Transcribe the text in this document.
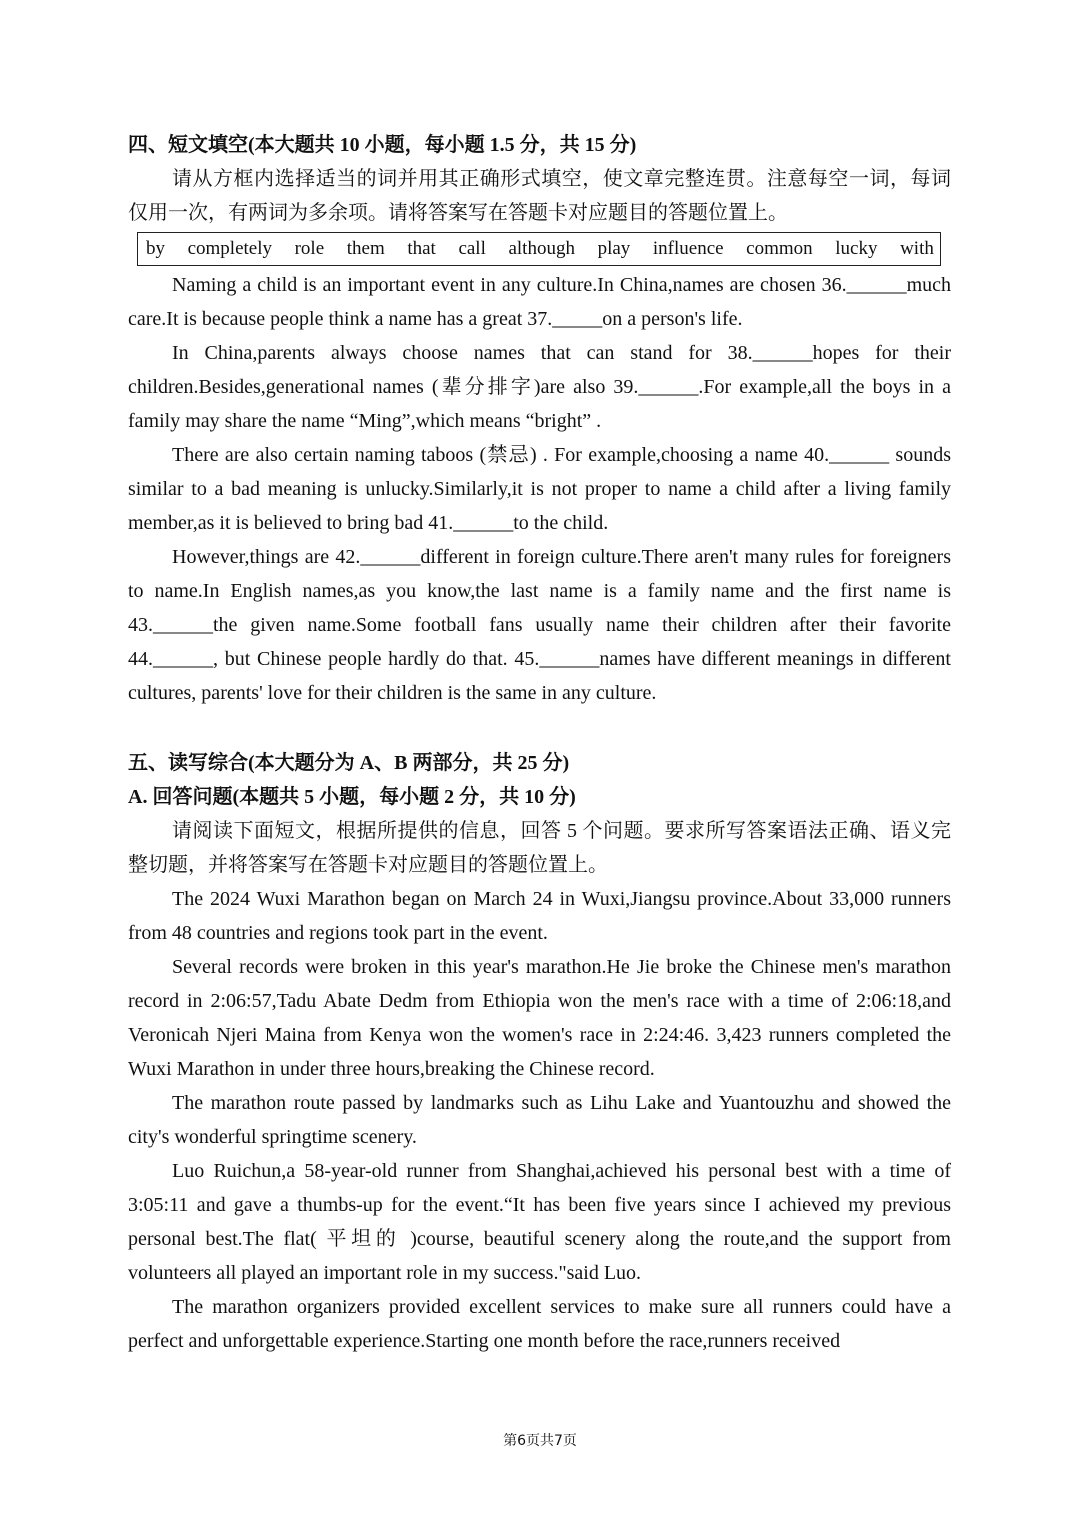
四、短文填空(本大题共 10 小题，每小题 1.5 分，共 15 分)

请从方框内选择适当的词并用其正确形式填空，使文章完整连贯。注意每空一词，每词仅用一次，有两词为多余项。请将答案写在答题卡对应题目的答题位置上。

by completely role them that call although play influence common lucky with

Naming a child is an important event in any culture.In China,names are chosen 36.______much care.It is because people think a name has a great 37._____on a person's life.

In China,parents always choose names that can stand for 38.______hopes for their children.Besides,generational names (辈分排字)are also 39.______.For example,all the boys in a family may share the name “Ming”,which means “bright” .

There are also certain naming taboos (禁忌) . For example,choosing a name 40.______ sounds similar to a bad meaning is unlucky.Similarly,it is not proper to name a child after a living family member,as it is believed to bring bad 41.______to the child.

However,things are 42.______different in foreign culture.There aren't many rules for foreigners to name.In English names,as you know,the last name is a family name and the first name is 43.______the given name.Some football fans usually name their children after their favorite 44.______, but Chinese people hardly do that. 45.______names have different meanings in different cultures, parents' love for their children is the same in any culture.

五、读写综合(本大题分为 A、B 两部分，共 25 分)

A. 回答问题(本题共 5 小题，每小题 2 分，共 10 分)

请阅读下面短文，根据所提供的信息，回答 5 个问题。要求所写答案语法正确、语义完整切题，并将答案写在答题卡对应题目的答题位置上。

The 2024 Wuxi Marathon began on March 24 in Wuxi,Jiangsu province.About 33,000 runners from 48 countries and regions took part in the event.

Several records were broken in this year's marathon.He Jie broke the Chinese men's marathon record in 2:06:57,Tadu Abate Dedm from Ethiopia won the men's race with a time of 2:06:18,and Veronicah Njeri Maina from Kenya won the women's race in 2:24:46. 3,423 runners completed the Wuxi Marathon in under three hours,breaking the Chinese record.

The marathon route passed by landmarks such as Lihu Lake and Yuantouzhu and showed the city's wonderful springtime scenery.

Luo Ruichun,a 58-year-old runner from Shanghai,achieved his personal best with a time of 3:05:11 and gave a thumbs-up for the event.“It has been five years since I achieved my previous personal best.The flat( 平坦的 )course, beautiful scenery along the route,and the support from volunteers all played an important role in my success."said Luo.

The marathon organizers provided excellent services to make sure all runners could have a perfect and unforgettable experience.Starting one month before the race,runners received

第6页共7页
